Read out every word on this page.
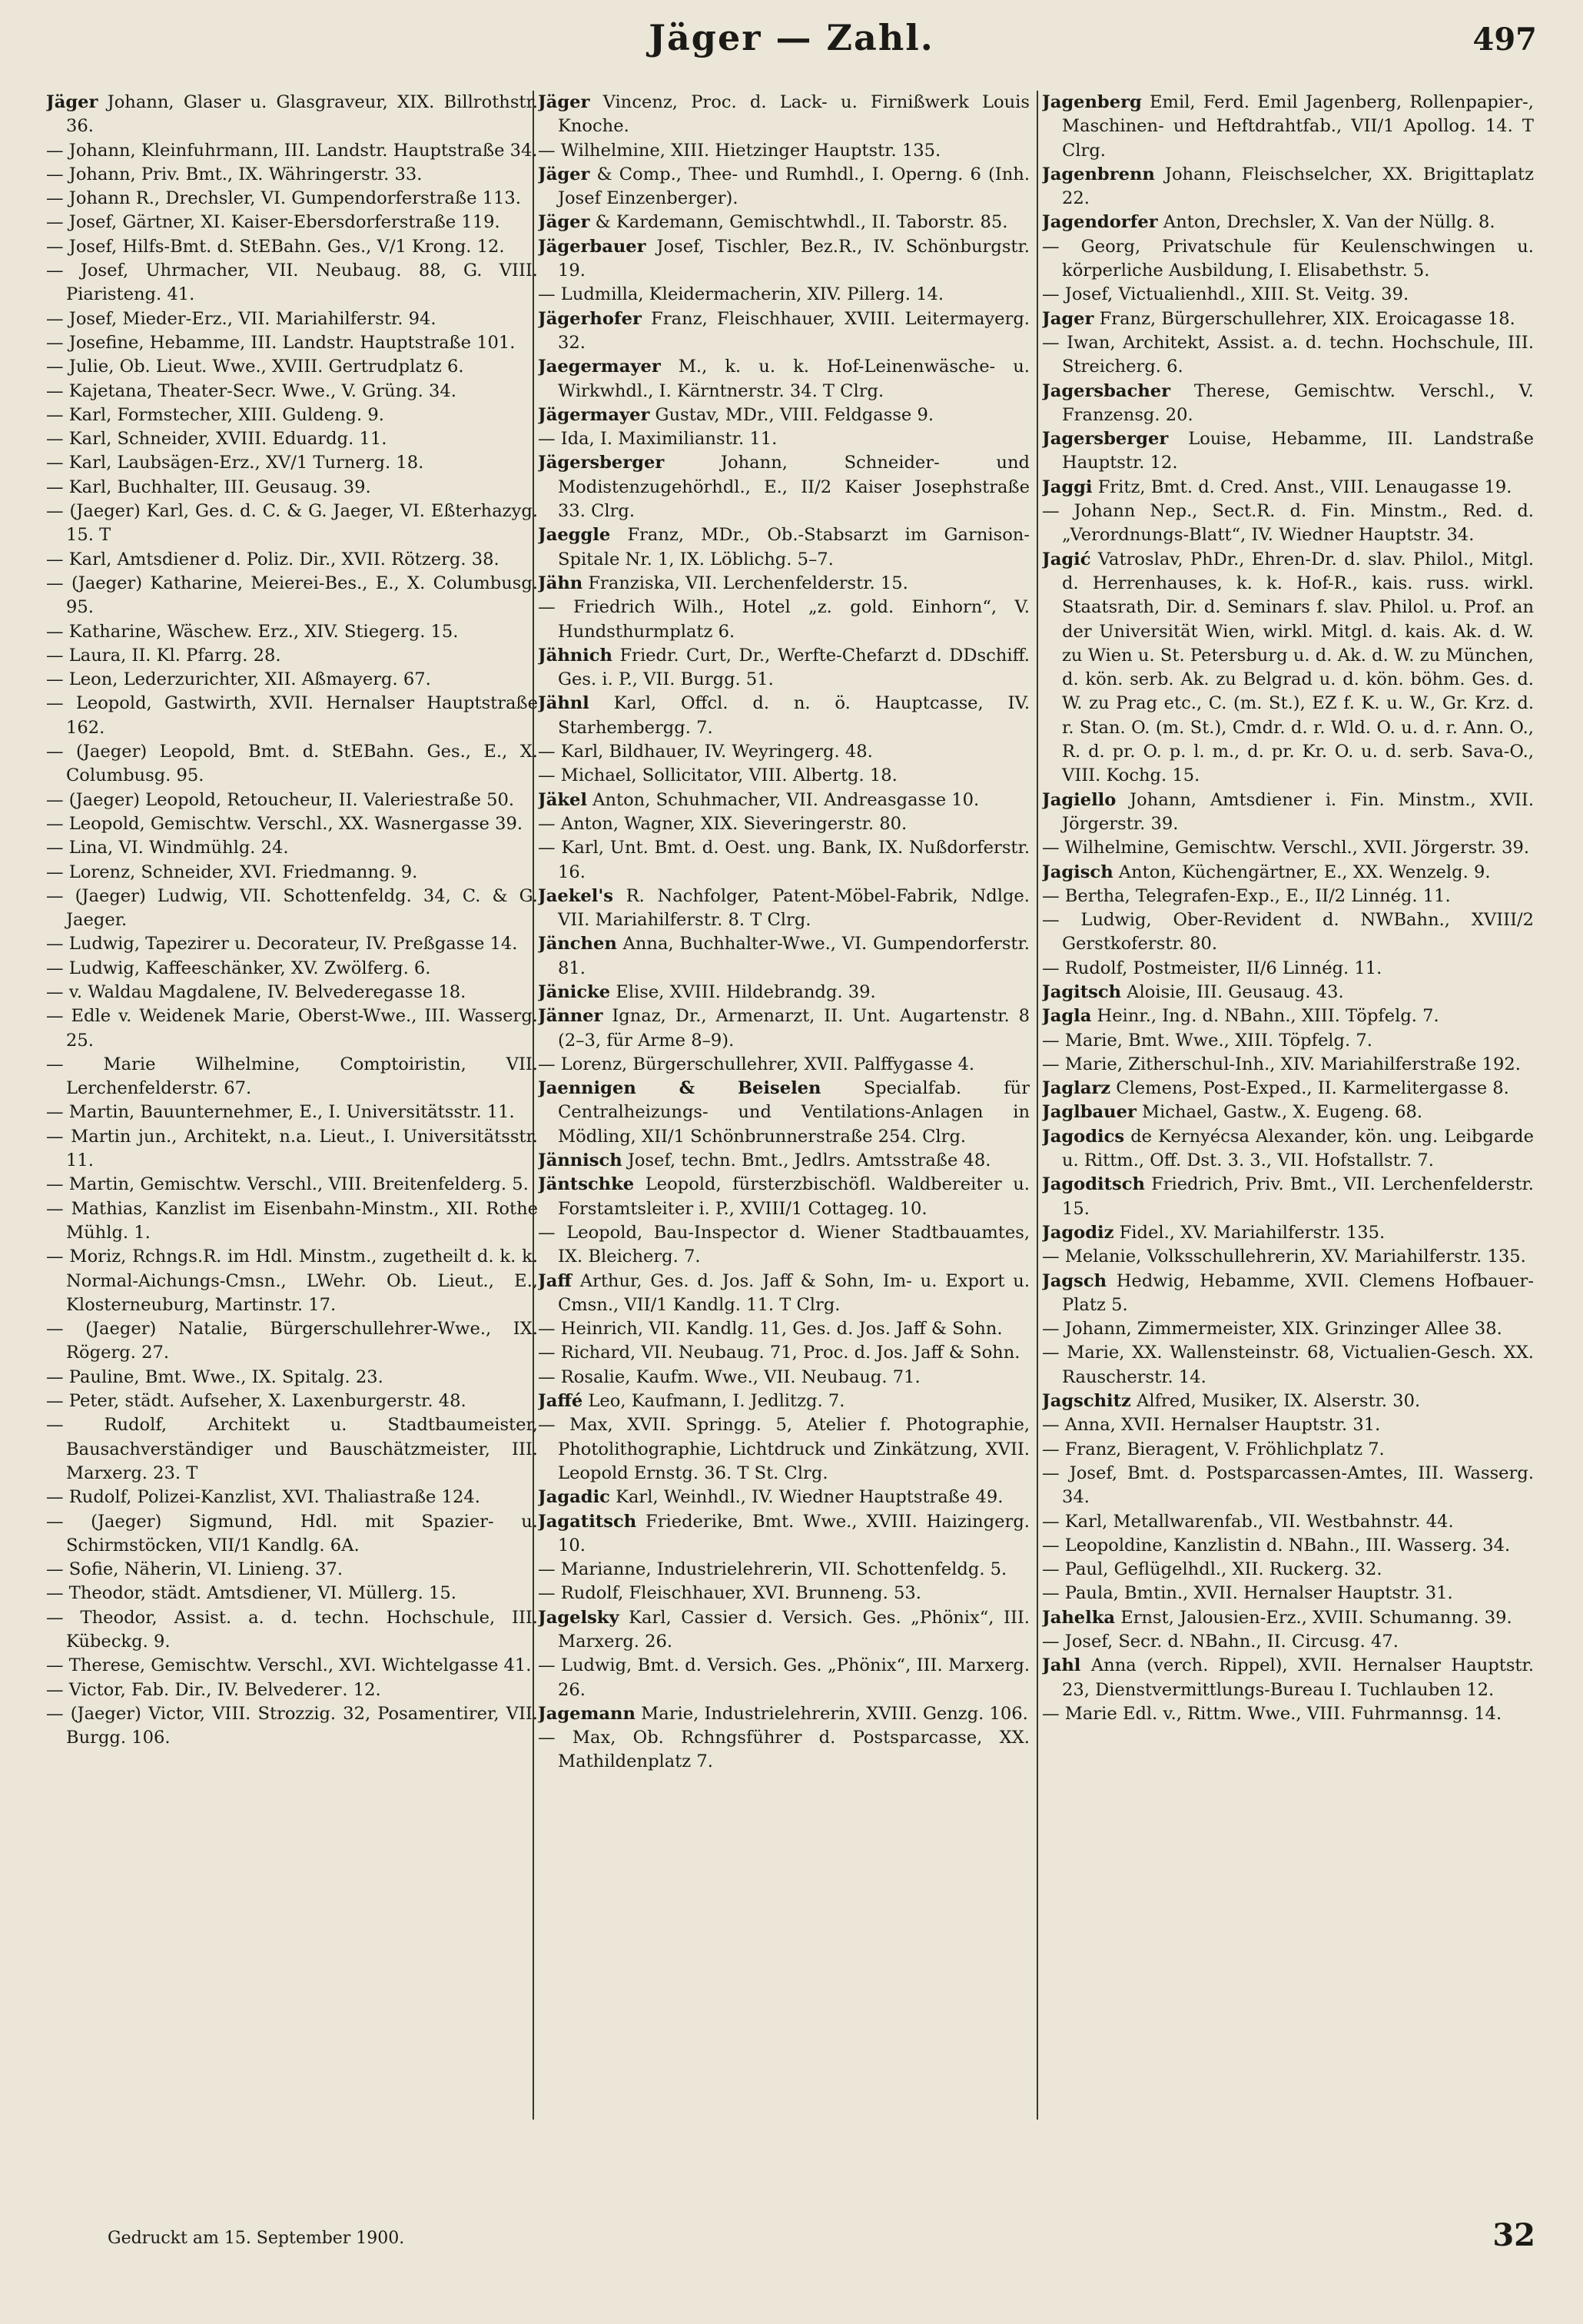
Jäger — Zahl.	497

Jäger Johann, Glaser u. Glasgraveur, XIX. Billrothstr. 36.

— Johann, Kleinfuhrmann, III. Landstr. Hauptstraße 34.

— Johann, Priv. Bmt., IX. Währingerstr. 33.

— Johann R., Drechsler, VI. Gumpendorferstraße 113.

— Josef, Gärtner, XI. Kaiser-Ebersdorferstraße 119.

— Josef, Hilfs-Bmt. d. StEBahn. Ges., V/1 Krong. 12.

— Josef, Uhrmacher, VII. Neubaug. 88, G. VIII. Piaristeng. 41.

— Josef, Mieder-Erz., VII. Mariahilferstr. 94.

— Josefine, Hebamme, III. Landstr. Hauptstraße 101.

— Julie, Ob. Lieut. Wwe., XVIII. Gertrudplatz 6.

— Kajetana, Theater-Secr. Wwe., V. Grüng. 34.

— Karl, Formstecher, XIII. Guldeng. 9.

— Karl, Schneider, XVIII. Eduardg. 11.

— Karl, Laubsägen-Erz., XV/1 Turnerg. 18.

— Karl, Buchhalter, III. Geusaug. 39.

— (Jaeger) Karl, Ges. d. C. & G. Jaeger, VI. Eßterhazyg. 15. T

— Karl, Amtsdiener d. Poliz. Dir., XVII. Rötzerg. 38.

— (Jaeger) Katharine, Meierei-Bes., E., X. Columbusg. 95.

— Katharine, Wäschew. Erz., XIV. Stiegerg. 15.

— Laura, II. Kl. Pfarrg. 28.

— Leon, Lederzurichter, XII. Aßmayerg. 67.

— Leopold, Gastwirth, XVII. Hernalser Hauptstraße 162.

— (Jaeger) Leopold, Bmt. d. StEBahn. Ges., E., X. Columbusg. 95.

— (Jaeger) Leopold, Retoucheur, II. Valeriestraße 50.

— Leopold, Gemischtw. Verschl., XX. Wasnergasse 39.

— Lina, VI. Windmühlg. 24.

— Lorenz, Schneider, XVI. Friedmanng. 9.

— (Jaeger) Ludwig, VII. Schottenfeldg. 34, C. & G. Jaeger.

— Ludwig, Tapezirer u. Decorateur, IV. Preßgasse 14.

— Ludwig, Kaffeeschänker, XV. Zwölferg. 6.

— v. Waldau Magdalene, IV. Belvederegasse 18.

— Edle v. Weidenek Marie, Oberst-Wwe., III. Wasserg. 25.

— Marie Wilhelmine, Comptoiristin, VII. Lerchenfelderstr. 67.

— Martin, Bauunternehmer, E., I. Universitätsstr. 11.

— Martin jun., Architekt, n.a. Lieut., I. Universitätsstr. 11.

— Martin, Gemischtw. Verschl., VIII. Breitenfelderg. 5.

— Mathias, Kanzlist im Eisenbahn-Minstm., XII. Rothe Mühlg. 1.

— Moriz, Rchngs.R. im Hdl. Minstm., zugetheilt d. k. k. Normal-Aichungs-Cmsn., LWehr. Ob. Lieut., E., Klosterneuburg, Martinstr. 17.

— (Jaeger) Natalie, Bürgerschullehrer-Wwe., IX. Rögerg. 27.

— Pauline, Bmt. Wwe., IX. Spitalg. 23.

— Peter, städt. Aufseher, X. Laxenburgerstr. 48.

— Rudolf, Architekt u. Stadtbaumeister, Bausachverständiger und Bauschätzmeister, III. Marxerg. 23. T

— Rudolf, Polizei-Kanzlist, XVI. Thaliastraße 124.

— (Jaeger) Sigmund, Hdl. mit Spazier- u. Schirmstöcken, VII/1 Kandlg. 6A.

— Sofie, Näherin, VI. Linieng. 37.

— Theodor, städt. Amtsdiener, VI. Müllerg. 15.

— Theodor, Assist. a. d. techn. Hochschule, III. Kübeckg. 9.

— Therese, Gemischtw. Verschl., XVI. Wichtelgasse 41.

— Victor, Fab. Dir., IV. Belvederег. 12.

— (Jaeger) Victor, VIII. Strozzig. 32, Posamentirer, VII. Burgg. 106.

Jäger Vincenz, Proc. d. Lack- u. Firnißwerk Louis Knoche.

— Wilhelmine, XIII. Hietzinger Hauptstr. 135.

Jäger & Comp., Thee- und Rumhdl., I. Operng. 6 (Inh. Josef Einzenberger).

Jäger & Kardemann, Gemischtwhdl., II. Taborstr. 85.

Jägerbauer Josef, Tischler, Bez.R., IV. Schönburgstr. 19.

— Ludmilla, Kleidermacherin, XIV. Pillerg. 14.

Jägerhofer Franz, Fleischhauer, XVIII. Leitermayerg. 32.

Jaegermayer M., k. u. k. Hof-Leinenwäsche- u. Wirkwhdl., I. Kärntnerstr. 34. T Clrg.

Jägermayer Gustav, MDr., VIII. Feldgasse 9.

— Ida, I. Maximilianstr. 11.

Jägersberger Johann, Schneider- und Modistenzugehörhdl., E., II/2 Kaiser Josephstraße 33. Clrg.

Jaeggle Franz, MDr., Ob.-Stabsarzt im Garnison-Spitale Nr. 1, IX. Löblichg. 5–7.

Jähn Franziska, VII. Lerchenfelderstr. 15.

— Friedrich Wilh., Hotel „z. gold. Einhorn“, V. Hundsthurmplatz 6.

Jähnich Friedr. Curt, Dr., Werfte-Chefarzt d. DDschiff. Ges. i. P., VII. Burgg. 51.

Jähnl Karl, Offcl. d. n. ö. Hauptcasse, IV. Starhembergg. 7.

— Karl, Bildhauer, IV. Weyringerg. 48.

— Michael, Sollicitator, VIII. Albertg. 18.

Jäkel Anton, Schuhmacher, VII. Andreasgasse 10.

— Anton, Wagner, XIX. Sieveringerstr. 80.

— Karl, Unt. Bmt. d. Oest. ung. Bank, IX. Nußdorferstr. 16.

Jaekel's R. Nachfolger, Patent-Möbel-Fabrik, Ndlge. VII. Mariahilferstr. 8. T Clrg.

Jänchen Anna, Buchhalter-Wwe., VI. Gumpendorferstr. 81.

Jänicke Elise, XVIII. Hildebrandg. 39.

Jänner Ignaz, Dr., Armenarzt, II. Unt. Augartenstr. 8 (2–3, für Arme 8–9).

— Lorenz, Bürgerschullehrer, XVII. Palffygasse 4.

Jaennigen & Beiselen Specialfab. für Centralheizungs- und Ventilations-Anlagen in Mödling, XII/1 Schönbrunnerstraße 254. Clrg.

Jännisch Josef, techn. Bmt., Jedlrs. Amtsstraße 48.

Jäntschke Leopold, fürsterzbischöfl. Waldbereiter u. Forstamtsleiter i. P., XVIII/1 Cottageg. 10.

— Leopold, Bau-Inspector d. Wiener Stadtbauamtes, IX. Bleicherg. 7.

Jaff Arthur, Ges. d. Jos. Jaff & Sohn, Im- u. Export u. Cmsn., VII/1 Kandlg. 11. T Clrg.

— Heinrich, VII. Kandlg. 11, Ges. d. Jos. Jaff & Sohn.

— Richard, VII. Neubaug. 71, Proc. d. Jos. Jaff & Sohn.

— Rosalie, Kaufm. Wwe., VII. Neubaug. 71.

Jaffé Leo, Kaufmann, I. Jedlitzg. 7.

— Max, XVII. Springg. 5, Atelier f. Photographie, Photolithographie, Lichtdruck und Zinkätzung, XVII. Leopold Ernstg. 36. T St. Clrg.

Jagadic Karl, Weinhdl., IV. Wiedner Hauptstraße 49.

Jagatitsch Friederike, Bmt. Wwe., XVIII. Haizingerg. 10.

— Marianne, Industrielehrerin, VII. Schottenfeldg. 5.

— Rudolf, Fleischhauer, XVI. Brunneng. 53.

Jagelsky Karl, Cassier d. Versich. Ges. „Phönix“, III. Marxerg. 26.

— Ludwig, Bmt. d. Versich. Ges. „Phönix“, III. Marxerg. 26.

Jagemann Marie, Industrielehrerin, XVIII. Genzg. 106.

— Max, Ob. Rchngsführer d. Postsparcasse, XX. Mathildenplatz 7.

Jagenberg Emil, Ferd. Emil Jagenberg, Rollenpapier-, Maschinen- und Heftdrahtfab., VII/1 Apollog. 14. T Clrg.

Jagenbrenn Johann, Fleischselcher, XX. Brigittaplatz 22.

Jagendorfer Anton, Drechsler, X. Van der Nüllg. 8.

— Georg, Privatschule für Keulenschwingen u. körperliche Ausbildung, I. Elisabethstr. 5.

— Josef, Victualienhdl., XIII. St. Veitg. 39.

Jager Franz, Bürgerschullehrer, XIX. Eroicagasse 18.

— Iwan, Architekt, Assist. a. d. techn. Hochschule, III. Streicherg. 6.

Jagersbacher Therese, Gemischtw. Verschl., V. Franzensg. 20.

Jagersberger Louise, Hebamme, III. Landstraße Hauptstr. 12.

Jaggi Fritz, Bmt. d. Cred. Anst., VIII. Lenaugasse 19.

— Johann Nep., Sect.R. d. Fin. Minstm., Red. d. „Verordnungs-Blatt“, IV. Wiedner Hauptstr. 34.

Jagić Vatroslav, PhDr., Ehren-Dr. d. slav. Philol., Mitgl. d. Herrenhauses, k. k. Hof-R., kais. russ. wirkl. Staatsrath, Dir. d. Seminars f. slav. Philol. u. Prof. an der Universität Wien, wirkl. Mitgl. d. kais. Ak. d. W. zu Wien u. St. Petersburg u. d. Ak. d. W. zu München, d. kön. serb. Ak. zu Belgrad u. d. kön. böhm. Ges. d. W. zu Prag etc., C. (m. St.), EZ f. K. u. W., Gr. Krz. d. r. Stan. O. (m. St.), Cmdr. d. r. Wld. O. u. d. r. Ann. O., R. d. pr. O. p. l. m., d. pr. Kr. O. u. d. serb. Sava-O., VIII. Kochg. 15.

Jagiello Johann, Amtsdiener i. Fin. Minstm., XVII. Jörgerstr. 39.

— Wilhelmine, Gemischtw. Verschl., XVII. Jörgerstr. 39.

Jagisch Anton, Küchengärtner, E., XX. Wenzelg. 9.

— Bertha, Telegrafen-Exp., E., II/2 Linnég. 11.

— Ludwig, Ober-Revident d. NWBahn., XVIII/2 Gerstkoferstr. 80.

— Rudolf, Postmeister, II/6 Linnég. 11.

Jagitsch Aloisie, III. Geusaug. 43.

Jagla Heinr., Ing. d. NBahn., XIII. Töpfelg. 7.

— Marie, Bmt. Wwe., XIII. Töpfelg. 7.

— Marie, Zitherschul-Inh., XIV. Mariahilferstraße 192.

Jaglarz Clemens, Post-Exped., II. Karmelitergasse 8.

Jaglbauer Michael, Gastw., X. Eugeng. 68.

Jagodics de Kernyécsa Alexander, kön. ung. Leibgarde u. Rittm., Off. Dst. 3. 3., VII. Hofstallstr. 7.

Jagoditsch Friedrich, Priv. Bmt., VII. Lerchenfelderstr. 15.

Jagodiz Fidel., XV. Mariahilferstr. 135.

— Melanie, Volksschullehrerin, XV. Mariahilferstr. 135.

Jagsch Hedwig, Hebamme, XVII. Clemens Hofbauer-Platz 5.

— Johann, Zimmermeister, XIX. Grinzinger Allee 38.

— Marie, XX. Wallensteinstr. 68, Victualien-Gesch. XX. Rauscherstr. 14.

Jagschitz Alfred, Musiker, IX. Alserstr. 30.

— Anna, XVII. Hernalser Hauptstr. 31.

— Franz, Bieragent, V. Fröhlichplatz 7.

— Josef, Bmt. d. Postsparcassen-Amtes, III. Wasserg. 34.

— Karl, Metallwarenfab., VII. Westbahnstr. 44.

— Leopoldine, Kanzlistin d. NBahn., III. Wasserg. 34.

— Paul, Geflügelhdl., XII. Ruckerg. 32.

— Paula, Bmtin., XVII. Hernalser Hauptstr. 31.

Jahelka Ernst, Jalousien-Erz., XVIII. Schumanng. 39.

— Josef, Secr. d. NBahn., II. Circusg. 47.

Jahl Anna (verch. Rippel), XVII. Hernalser Hauptstr. 23, Dienstvermittlungs-Bureau I. Tuchlauben 12.

— Marie Edl. v., Rittm. Wwe., VIII. Fuhrmannsg. 14.

Gedruckt am 15. September 1900.	32
